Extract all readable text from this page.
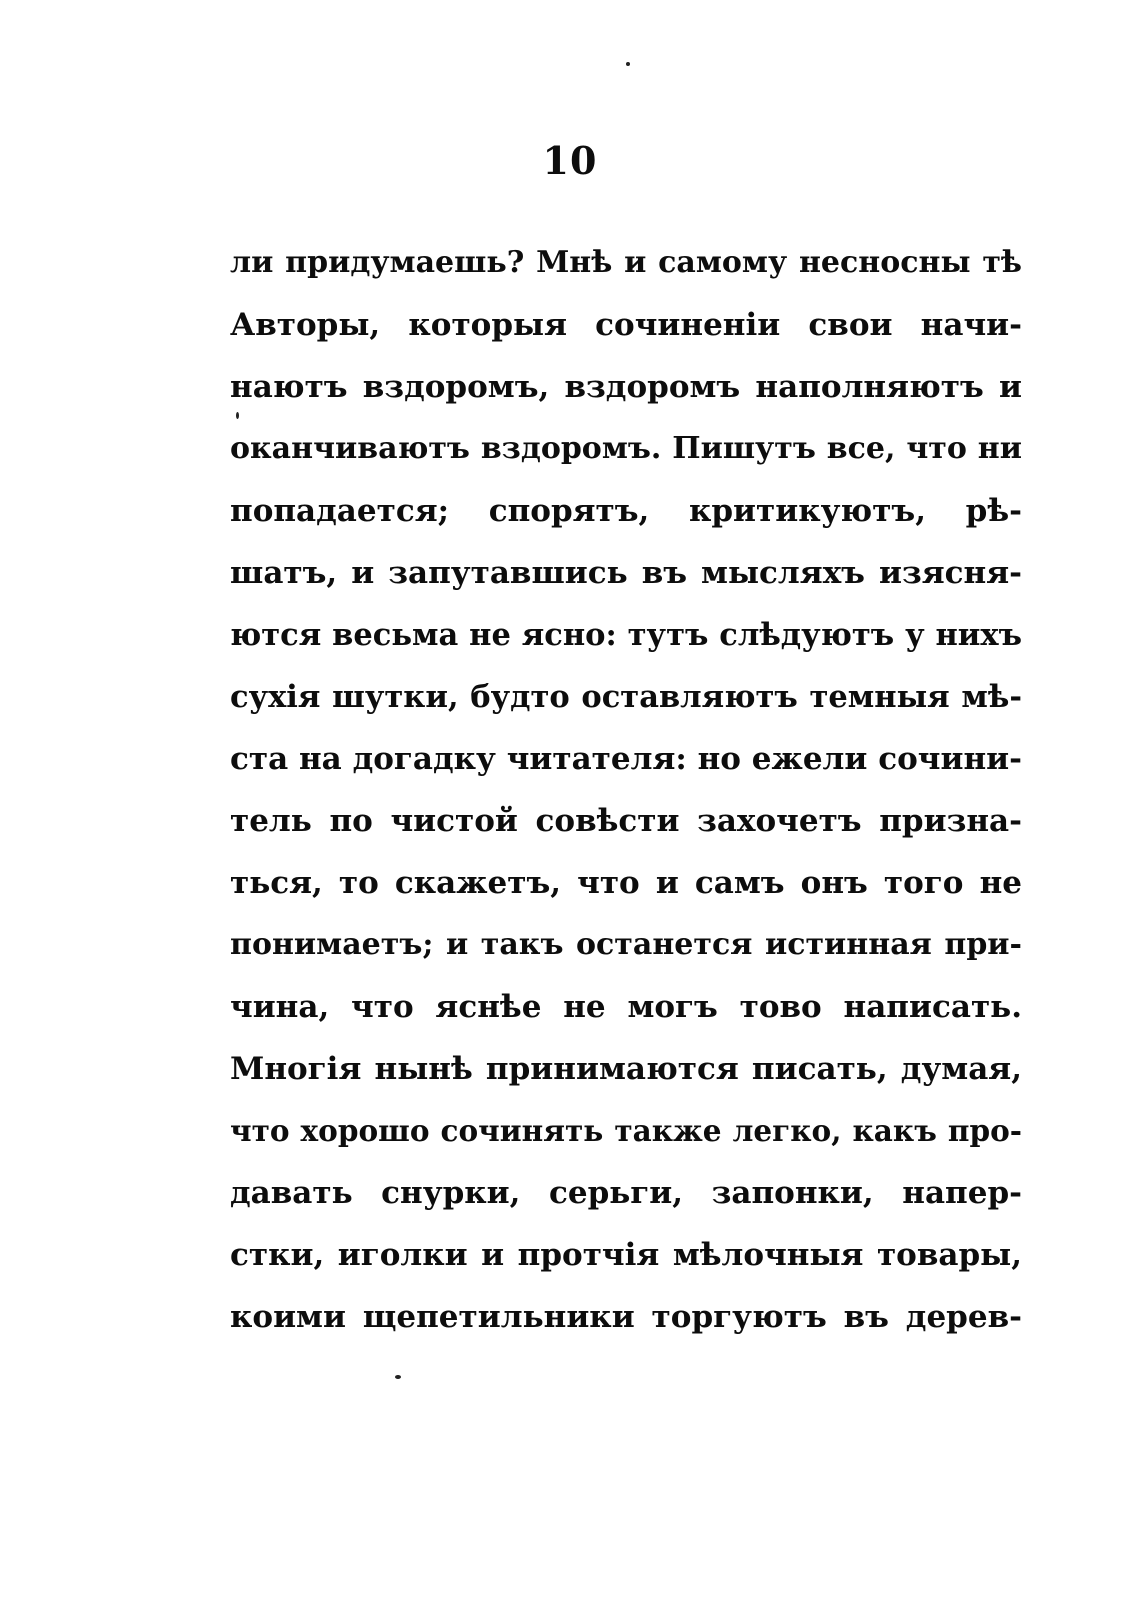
10
ли придумаешь? Мнѣ и самому несносны тѣ
Авторы, которыя сочиненіи свои начи-
наютъ вздоромъ, вздоромъ наполняютъ и
оканчиваютъ вздоромъ. Пишутъ все, что ни
попадается; спорятъ, критикуютъ, рѣ-
шатъ, и запутавшись въ мысляхъ изясня-
ются весьма не ясно: тутъ слѣдуютъ у нихъ
сухія шутки, будто оставляютъ темныя мѣ-
ста на догадку читателя: но ежели сочини-
тель по чистой совѣсти захочетъ призна-
ться, то скажетъ, что и самъ онъ того не
понимаетъ; и такъ останется истинная при-
чина, что яснѣе не могъ тово написать.
Многія нынѣ принимаются писать, думая,
что хорошо сочинять также легко, какъ про-
давать снурки, серьги, запонки, напер-
стки, иголки и протчія мѣлочныя товары,
коими щепетильники торгуютъ въ дерев-
